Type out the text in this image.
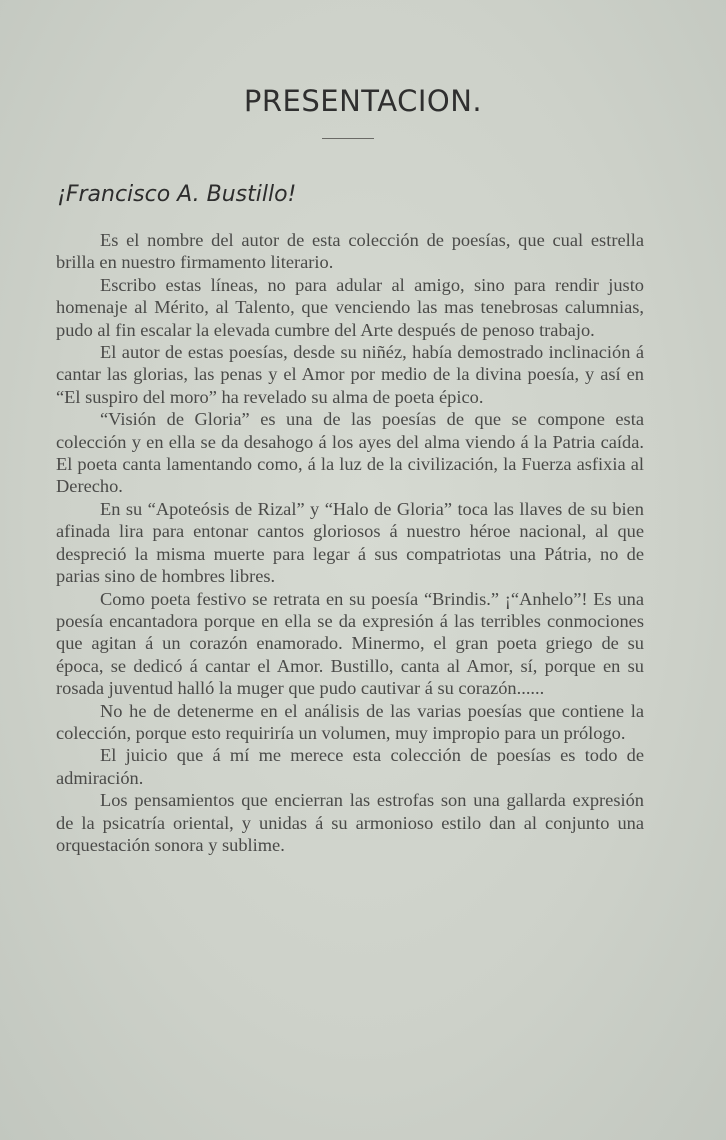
PRESENTACION.
¡Francisco A. Bustillo!

Es el nombre del autor de esta colección de poesías, que cual estrella brilla en nuestro firmamento literario.

Escribo estas líneas, no para adular al amigo, sino para rendir justo homenaje al Mérito, al Talento, que venciendo las mas tenebrosas calumnias, pudo al fin escalar la elevada cumbre del Arte después de penoso trabajo.

El autor de estas poesías, desde su niñéz, había demostrado inclinación á cantar las glorias, las penas y el Amor por medio de la divina poesía, y así en “El suspiro del moro” ha revelado su alma de poeta épico.

“Visión de Gloria” es una de las poesías de que se compone esta colección y en ella se da desahogo á los ayes del alma viendo á la Patria caída. El poeta canta lamentando como, á la luz de la civilización, la Fuerza asfixia al Derecho.

En su “Apoteósis de Rizal” y “Halo de Gloria” toca las llaves de su bien afinada lira para entonar cantos gloriosos á nuestro héroe nacional, al que despreció la misma muerte para legar á sus compatriotas una Pátria, no de parias sino de hombres libres.

Como poeta festivo se retrata en su poesía “Brindis.” ¡“Anhelo”! Es una poesía encantadora porque en ella se da expresión á las terribles conmociones que agitan á un corazón enamorado. Minermo, el gran poeta griego de su época, se dedicó á cantar el Amor. Bustillo, canta al Amor, sí, porque en su rosada juventud halló la muger que pudo cautivar á su corazón......

No he de detenerme en el análisis de las varias poesías que contiene la colección, porque esto requiriría un volumen, muy impropio para un prólogo.

El juicio que á mí me merece esta colección de poesías es todo de admiración.

Los pensamientos que encierran las estrofas son una gallarda expresión de la psicatría oriental, y unidas á su armonioso estilo dan al conjunto una orquestación sonora y sublime.
